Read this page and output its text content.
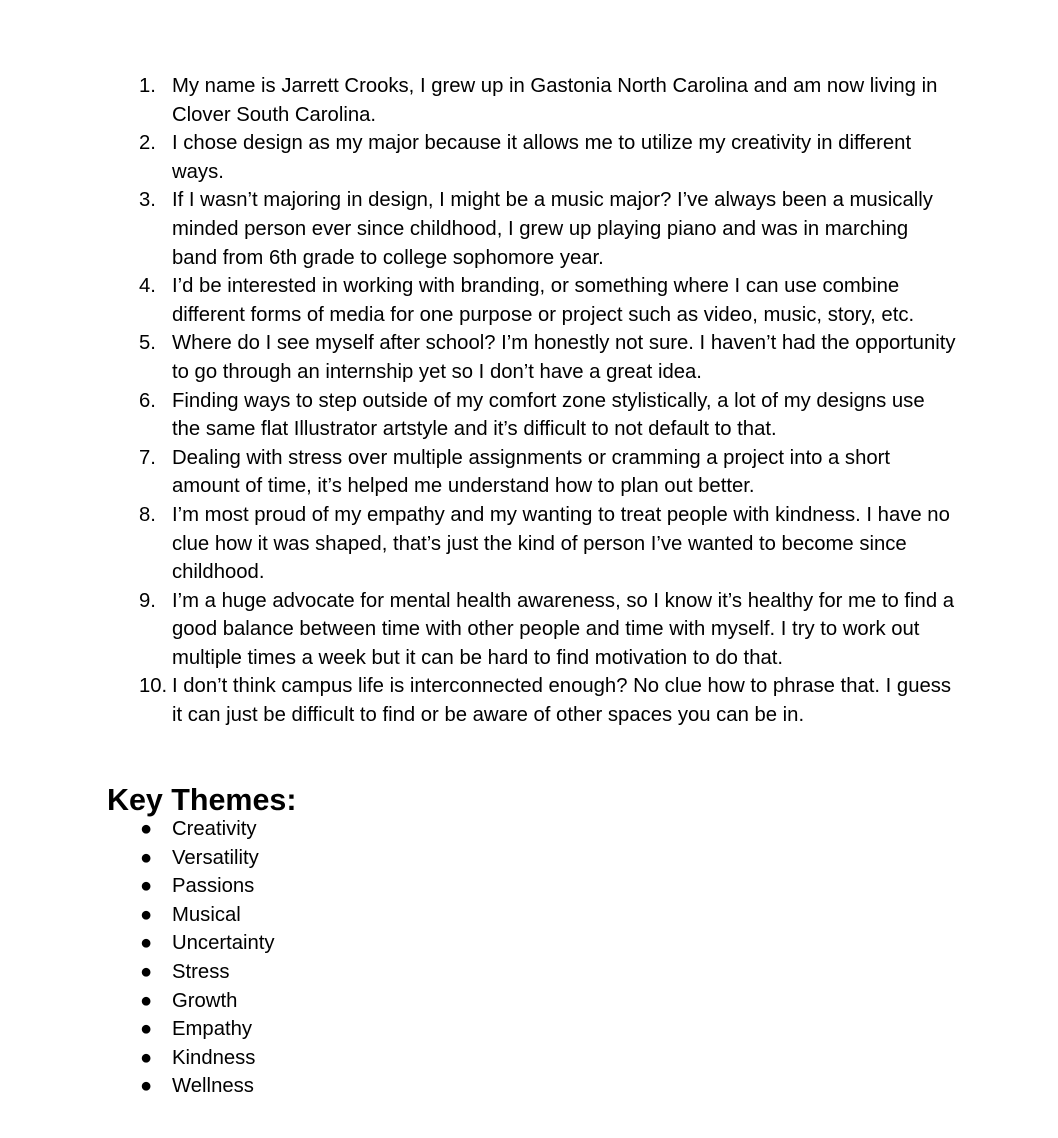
1. My name is Jarrett Crooks, I grew up in Gastonia North Carolina and am now living in Clover South Carolina.
2. I chose design as my major because it allows me to utilize my creativity in different ways.
3. If I wasn’t majoring in design, I might be a music major? I’ve always been a musically minded person ever since childhood, I grew up playing piano and was in marching band from 6th grade to college sophomore year.
4. I’d be interested in working with branding, or something where I can use combine different forms of media for one purpose or project such as video, music, story, etc.
5. Where do I see myself after school? I’m honestly not sure. I haven’t had the opportunity to go through an internship yet so I don’t have a great idea.
6. Finding ways to step outside of my comfort zone stylistically, a lot of my designs use the same flat Illustrator artstyle and it’s difficult to not default to that.
7. Dealing with stress over multiple assignments or cramming a project into a short amount of time, it’s helped me understand how to plan out better.
8. I’m most proud of my empathy and my wanting to treat people with kindness. I have no clue how it was shaped, that’s just the kind of person I’ve wanted to become since childhood.
9. I’m a huge advocate for mental health awareness, so I know it’s healthy for me to find a good balance between time with other people and time with myself. I try to work out multiple times a week but it can be hard to find motivation to do that.
10. I don’t think campus life is interconnected enough? No clue how to phrase that. I guess it can just be difficult to find or be aware of other spaces you can be in.
Key Themes:
● Creativity
● Versatility
● Passions
● Musical
● Uncertainty
● Stress
● Growth
● Empathy
● Kindness
● Wellness
